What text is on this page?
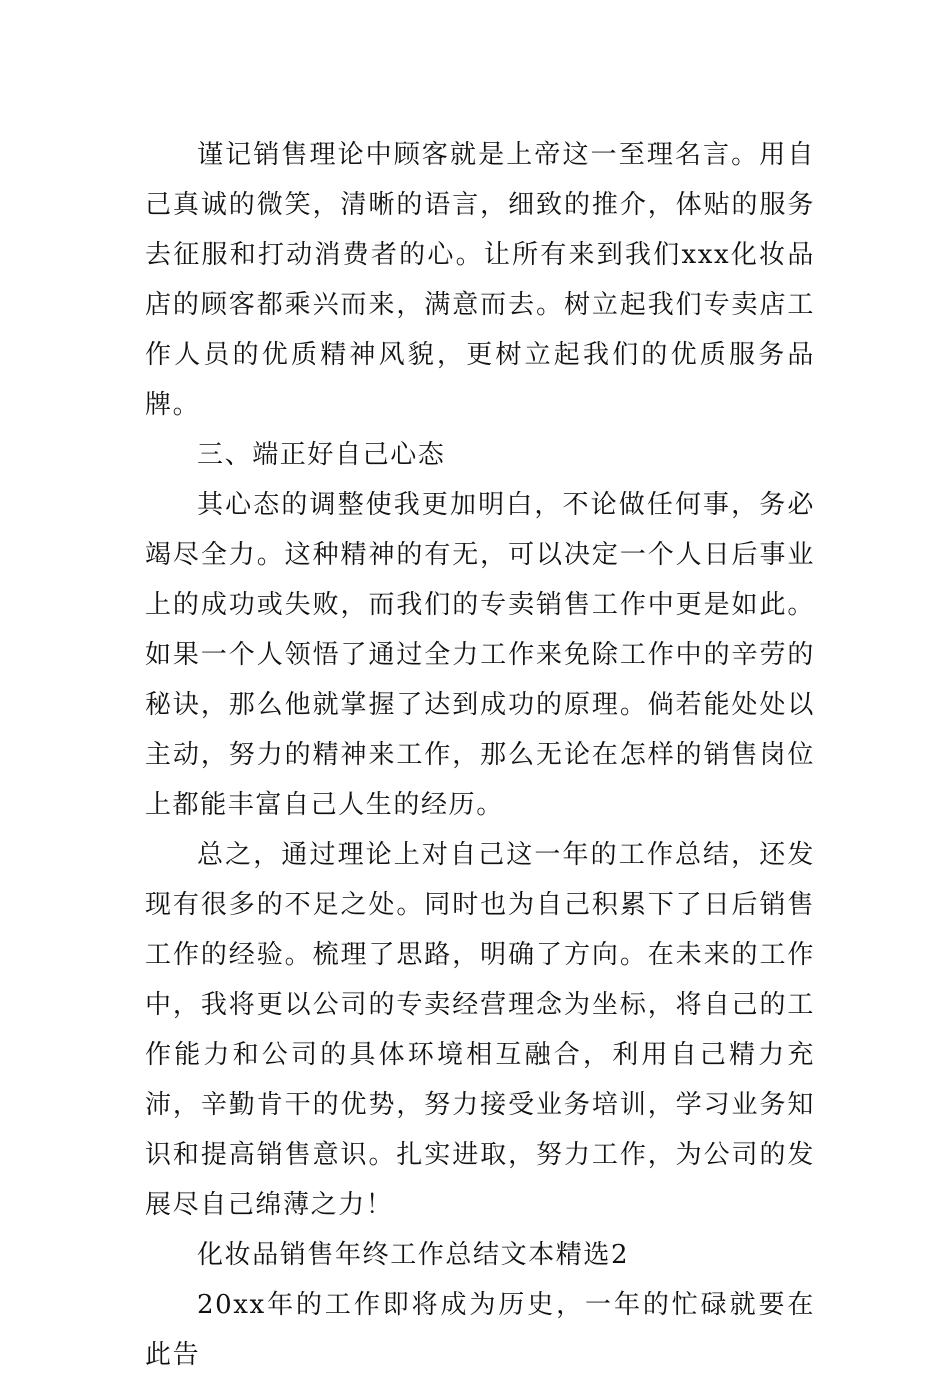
谨记销售理论中顾客就是上帝这一至理名言。用自己真诚的微笑，清晰的语言，细致的推介，体贴的服务去征服和打动消费者的心。让所有来到我们xxx化妆品店的顾客都乘兴而来，满意而去。树立起我们专卖店工作人员的优质精神风貌，更树立起我们的优质服务品牌。

三、端正好自己心态

其心态的调整使我更加明白，不论做任何事，务必竭尽全力。这种精神的有无，可以决定一个人日后事业上的成功或失败，而我们的专卖销售工作中更是如此。如果一个人领悟了通过全力工作来免除工作中的辛劳的秘诀，那么他就掌握了达到成功的原理。倘若能处处以主动，努力的精神来工作，那么无论在怎样的销售岗位上都能丰富自己人生的经历。

总之，通过理论上对自己这一年的工作总结，还发现有很多的不足之处。同时也为自己积累下了日后销售工作的经验。梳理了思路，明确了方向。在未来的工作中，我将更以公司的专卖经营理念为坐标，将自己的工作能力和公司的具体环境相互融合，利用自己精力充沛，辛勤肯干的优势，努力接受业务培训，学习业务知识和提高销售意识。扎实进取，努力工作，为公司的发展尽自己绵薄之力！

化妆品销售年终工作总结文本精选2

20xx年的工作即将成为历史，一年的忙碌就要在此告
